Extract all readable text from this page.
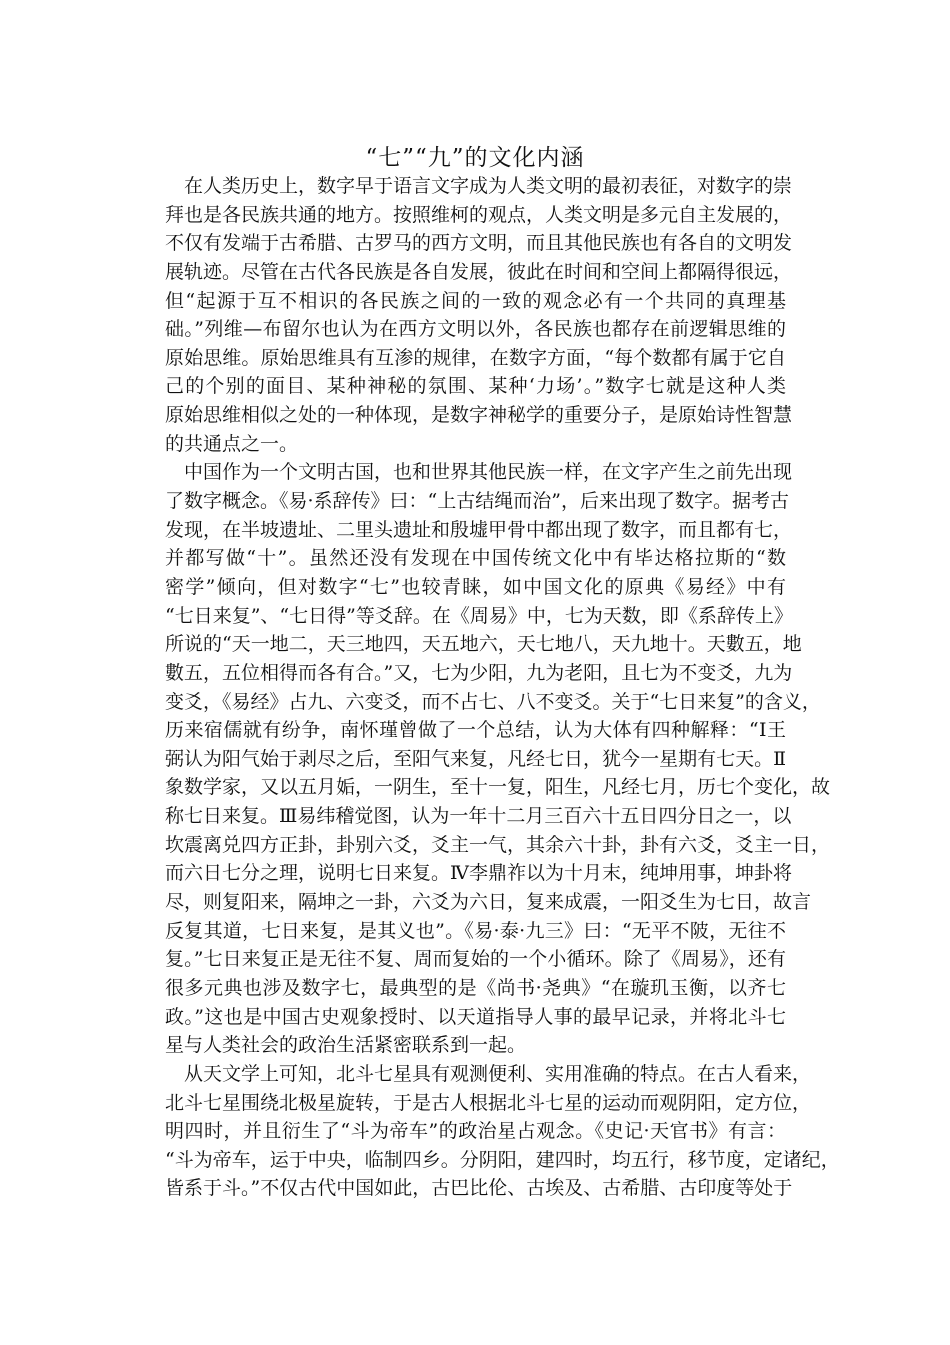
“七”“九”的文化内涵
　在人类历史上，数字早于语言文字成为人类文明的最初表征，对数字的崇
拜也是各民族共通的地方。按照维柯的观点，人类文明是多元自主发展的，
不仅有发端于古希腊、古罗马的西方文明，而且其他民族也有各自的文明发
展轨迹。尽管在古代各民族是各自发展，彼此在时间和空间上都隔得很远，
但“起源于互不相识的各民族之间的一致的观念必有一个共同的真理基
础。”列维—布留尔也认为在西方文明以外，各民族也都存在前逻辑思维的
原始思维。原始思维具有互渗的规律，在数字方面，“每个数都有属于它自
己的个别的面目、某种神秘的氛围、某种‘力场’。”数字七就是这种人类
原始思维相似之处的一种体现，是数字神秘学的重要分子，是原始诗性智慧
的共通点之一。
　中国作为一个文明古国，也和世界其他民族一样，在文字产生之前先出现
了数字概念。《易·系辞传》曰：“上古结绳而治”，后来出现了数字。据考古
发现，在半坡遗址、二里头遗址和殷墟甲骨中都出现了数字，而且都有七，
并都写做“十”。虽然还没有发现在中国传统文化中有毕达格拉斯的“数
密学”倾向，但对数字“七”也较青睐，如中国文化的原典《易经》中有
“七日来复”、“七日得”等爻辞。在《周易》中，七为天数，即《系辞传上》
所说的“天一地二，天三地四，天五地六，天七地八，天九地十。天數五，地
數五，五位相得而各有合。”又，七为少阳，九为老阳，且七为不变爻，九为
变爻，《易经》占九、六变爻，而不占七、八不变爻。关于“七日来复”的含义，
历来宿儒就有纷争，南怀瑾曾做了一个总结，认为大体有四种解释：“Ⅰ王
弼认为阳气始于剥尽之后，至阳气来复，凡经七日，犹今一星期有七天。Ⅱ
象数学家，又以五月姤，一阴生，至十一复，阳生，凡经七月，历七个变化，故
称七日来复。Ⅲ易纬稽觉图，认为一年十二月三百六十五日四分日之一，以
坎震离兑四方正卦，卦别六爻，爻主一气，其余六十卦，卦有六爻，爻主一日，
而六日七分之理，说明七日来复。Ⅳ李鼎祚以为十月末，纯坤用事，坤卦将
尽，则复阳来，隔坤之一卦，六爻为六日，复来成震，一阳爻生为七日，故言
反复其道，七日来复，是其义也”。《易·泰·九三》曰：“无平不陂，无往不
复。”七日来复正是无往不复、周而复始的一个小循环。除了《周易》，还有
很多元典也涉及数字七，最典型的是《尚书·尧典》“在璇玑玉衡，以齐七
政。”这也是中国古史观象授时、以天道指导人事的最早记录，并将北斗七
星与人类社会的政治生活紧密联系到一起。
　从天文学上可知，北斗七星具有观测便利、实用准确的特点。在古人看来，
北斗七星围绕北极星旋转，于是古人根据北斗七星的运动而观阴阳，定方位，
明四时，并且衍生了“斗为帝车”的政治星占观念。《史记·天官书》有言：
“斗为帝车，运于中央，临制四乡。分阴阳，建四时，均五行，移节度，定诸纪，
皆系于斗。”不仅古代中国如此，古巴比伦、古埃及、古希腊、古印度等处于
